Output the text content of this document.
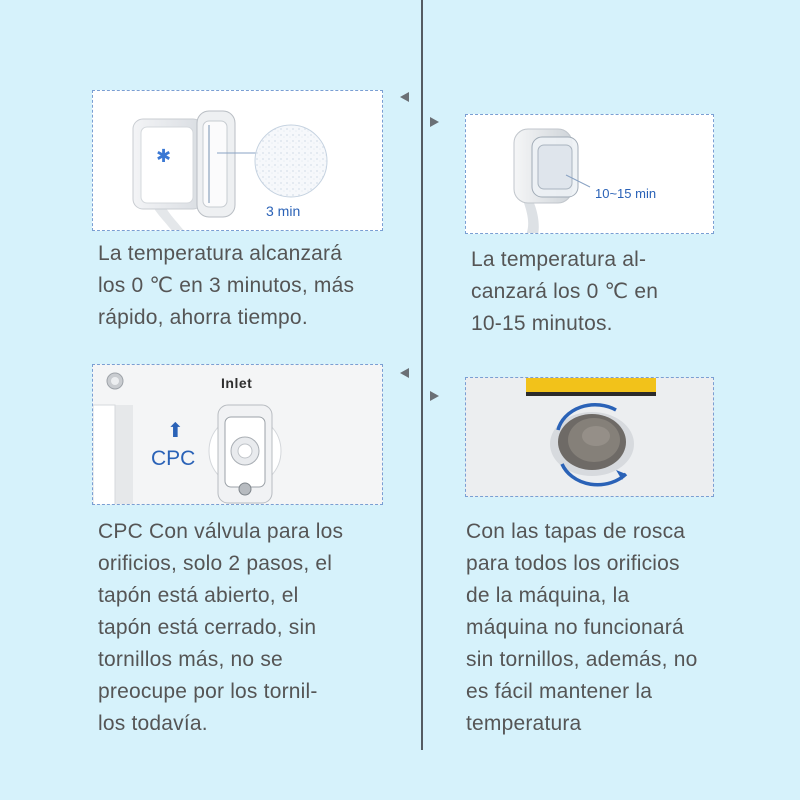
✱
3 min
La temperatura alcanzará
los 0 ℃ en 3 minutos, más
rápido, ahorra tiempo.
10~15 min
La temperatura al-
canzará los 0 ℃ en
10-15 minutos.
Inlet
⬆
CPC
CPC Con válvula para los
orificios, solo 2 pasos, el
tapón está abierto, el
tapón está cerrado, sin
tornillos más, no se
preocupe por los tornil-
los todavía.
Con las tapas de rosca
para todos los orificios
de la máquina, la
máquina no funcionará
sin tornillos, además, no
es fácil mantener la
temperatura
